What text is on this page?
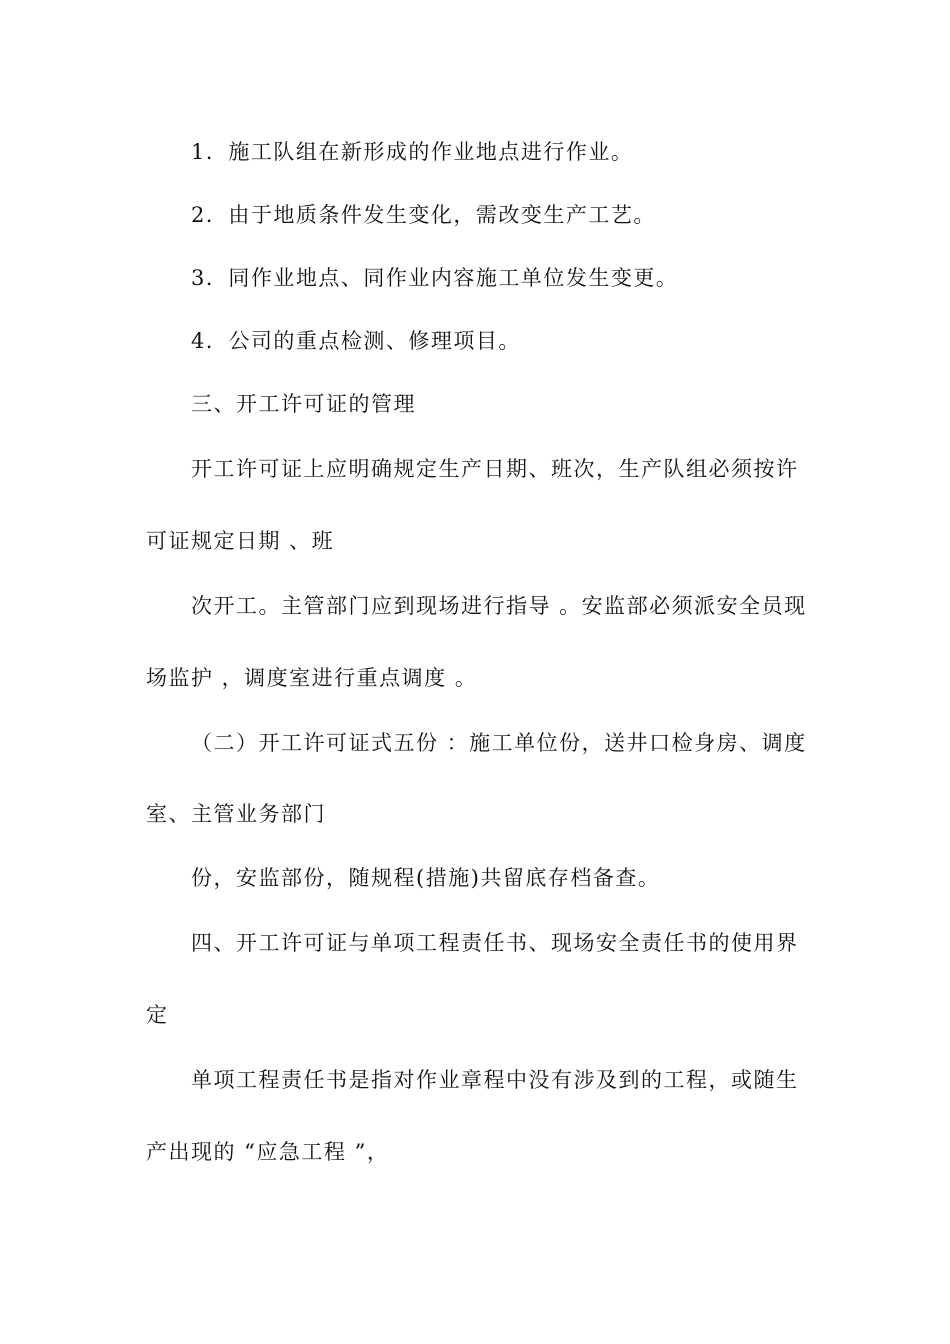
1．施工队组在新形成的作业地点进行作业。
2．由于地质条件发生变化，需改变生产工艺。
3．同作业地点、同作业内容施工单位发生变更。
4．公司的重点检测、修理项目。
三、开工许可证的管理
开工许可证上应明确规定生产日期、班次，生产队组必须按许
可证规定日期 、班
次开工。主管部门应到现场进行指导 。安监部必须派安全员现
场监护 ，调度室进行重点调度 。
（二）开工许可证式五份 ：施工单位份，送井口检身房、调度
室、主管业务部门
份，安监部份，随规程(措施)共留底存档备查。
四、开工许可证与单项工程责任书、现场安全责任书的使用界
定
单项工程责任书是指对作业章程中没有涉及到的工程，或随生
产出现的 “应急工程 ”，
